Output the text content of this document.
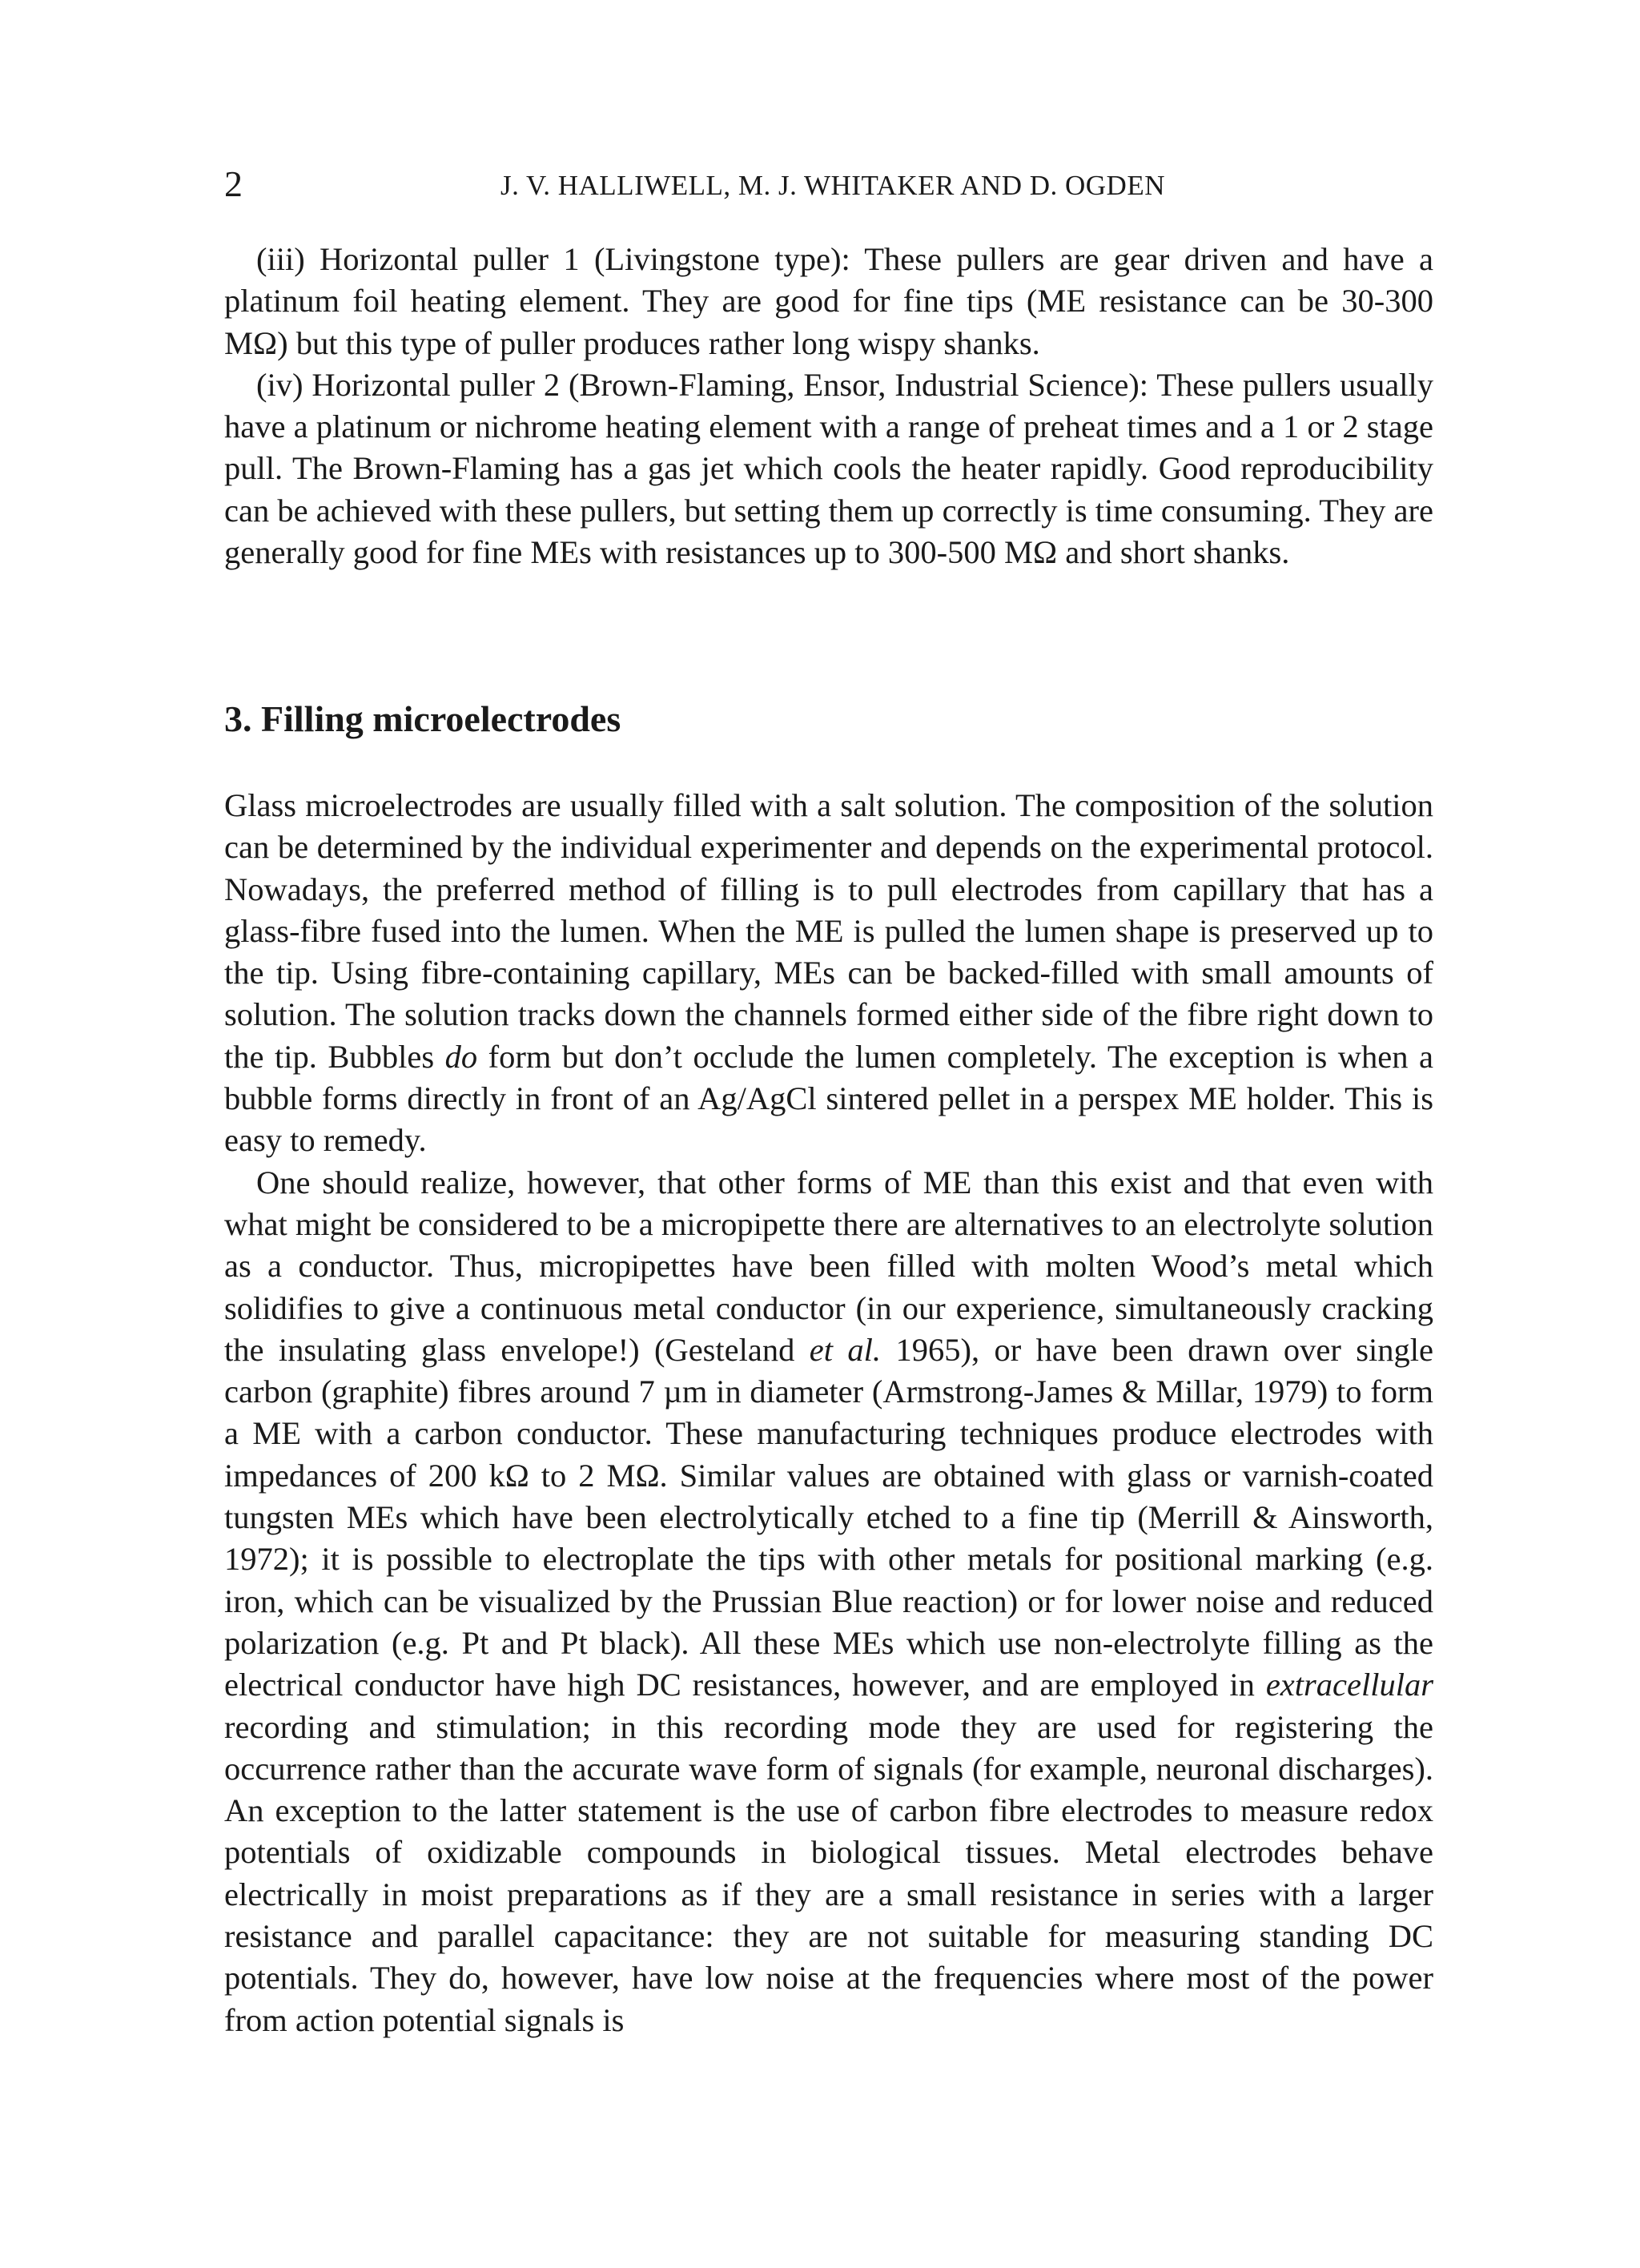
2	J. V. HALLIWELL, M. J. WHITAKER AND D. OGDEN

(iii) Horizontal puller 1 (Livingstone type): These pullers are gear driven and have a platinum foil heating element. They are good for fine tips (ME resistance can be 30-300 MΩ) but this type of puller produces rather long wispy shanks.

(iv) Horizontal puller 2 (Brown-Flaming, Ensor, Industrial Science): These pullers usually have a platinum or nichrome heating element with a range of preheat times and a 1 or 2 stage pull. The Brown-Flaming has a gas jet which cools the heater rapidly. Good reproducibility can be achieved with these pullers, but setting them up correctly is time consuming. They are generally good for fine MEs with resistances up to 300-500 MΩ and short shanks.

3. Filling microelectrodes

Glass microelectrodes are usually filled with a salt solution. The composition of the solution can be determined by the individual experimenter and depends on the experimental protocol. Nowadays, the preferred method of filling is to pull electrodes from capillary that has a glass-fibre fused into the lumen. When the ME is pulled the lumen shape is preserved up to the tip. Using fibre-containing capillary, MEs can be backed-filled with small amounts of solution. The solution tracks down the channels formed either side of the fibre right down to the tip. Bubbles do form but don’t occlude the lumen completely. The exception is when a bubble forms directly in front of an Ag/AgCl sintered pellet in a perspex ME holder. This is easy to remedy.

One should realize, however, that other forms of ME than this exist and that even with what might be considered to be a micropipette there are alternatives to an electrolyte solution as a conductor. Thus, micropipettes have been filled with molten Wood’s metal which solidifies to give a continuous metal conductor (in our experience, simultaneously cracking the insulating glass envelope!) (Gesteland et al. 1965), or have been drawn over single carbon (graphite) fibres around 7 µm in diameter (Armstrong-James & Millar, 1979) to form a ME with a carbon conductor. These manufacturing techniques produce electrodes with impedances of 200 kΩ to 2 MΩ. Similar values are obtained with glass or varnish-coated tungsten MEs which have been electrolytically etched to a fine tip (Merrill & Ainsworth, 1972); it is possible to electroplate the tips with other metals for positional marking (e.g. iron, which can be visualized by the Prussian Blue reaction) or for lower noise and reduced polarization (e.g. Pt and Pt black). All these MEs which use non-electrolyte filling as the electrical conductor have high DC resistances, however, and are employed in extracellular recording and stimulation; in this recording mode they are used for registering the occurrence rather than the accurate wave form of signals (for example, neuronal discharges). An exception to the latter statement is the use of carbon fibre electrodes to measure redox potentials of oxidizable compounds in biological tissues. Metal electrodes behave electrically in moist preparations as if they are a small resistance in series with a larger resistance and parallel capacitance: they are not suitable for measuring standing DC potentials. They do, however, have low noise at the frequencies where most of the power from action potential signals is
